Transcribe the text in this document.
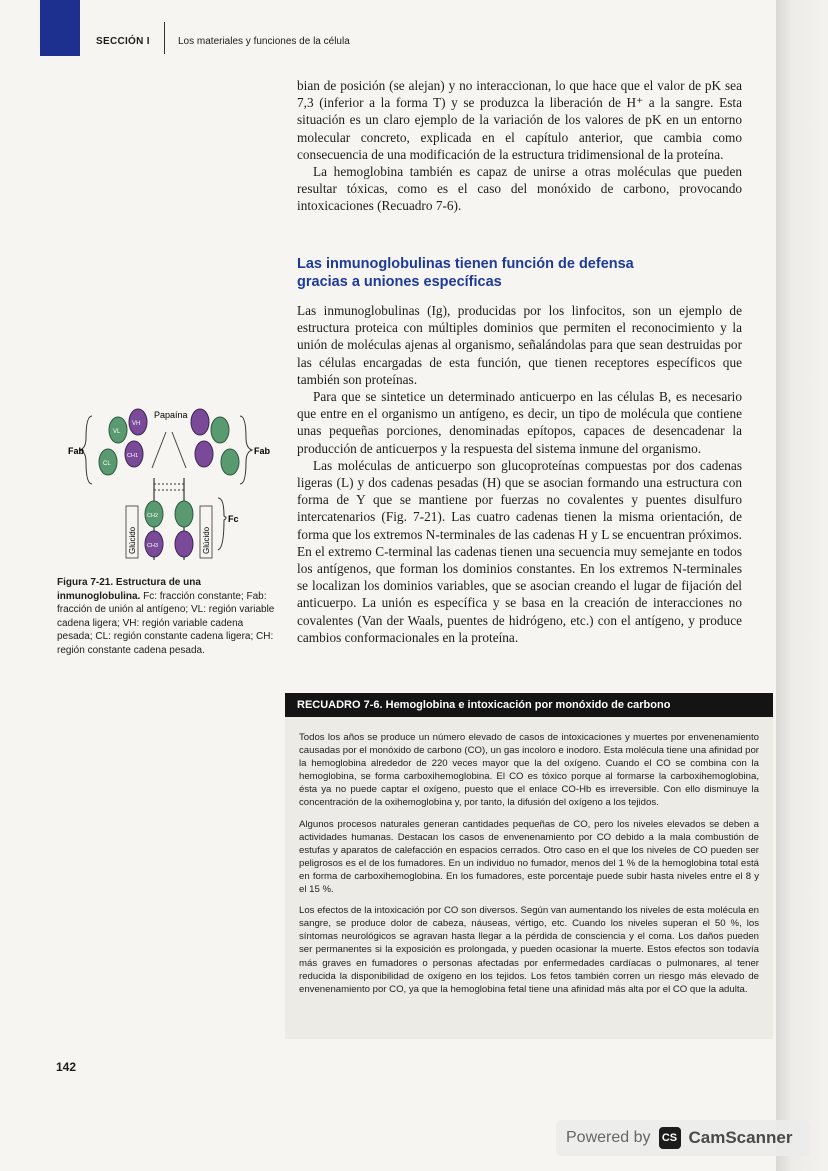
SECCIÓN I	Los materiales y funciones de la célula

bian de posición (se alejan) y no interaccionan, lo que hace que el valor de pK sea 7,3 (inferior a la forma T) y se produzca la liberación de H⁺ a la sangre. Esta situación es un claro ejemplo de la variación de los valores de pK en un entorno molecular concreto, explicada en el capítulo anterior, que cambia como consecuencia de una modificación de la estructura tridimensional de la proteína.

La hemoglobina también es capaz de unirse a otras moléculas que pueden resultar tóxicas, como es el caso del monóxido de carbono, provocando intoxicaciones (Recuadro 7-6).

Las inmunoglobulinas tienen función de defensa
gracias a uniones específicas

Las inmunoglobulinas (Ig), producidas por los linfocitos, son un ejemplo de estructura proteica con múltiples dominios que permiten el reconocimiento y la unión de moléculas ajenas al organismo, señalándolas para que sean destruidas por las células encargadas de esta función, que tienen receptores específicos que también son proteínas.

Para que se sintetice un determinado anticuerpo en las células B, es necesario que entre en el organismo un antígeno, es decir, un tipo de molécula que contiene unas pequeñas porciones, denominadas epítopos, capaces de desencadenar la producción de anticuerpos y la respuesta del sistema inmune del organismo.

Las moléculas de anticuerpo son glucoproteínas compuestas por dos cadenas ligeras (L) y dos cadenas pesadas (H) que se asocian formando una estructura con forma de Y que se mantiene por fuerzas no covalentes y puentes disulfuro intercatenarios (Fig. 7-21). Las cuatro cadenas tienen la misma orientación, de forma que los extremos N-terminales de las cadenas H y L se encuentran próximos. En el extremo C-terminal las cadenas tienen una secuencia muy semejante en todos los antígenos, que forman los dominios constantes. En los extremos N-terminales se localizan los dominios variables, que se asocian creando el lugar de fijación del anticuerpo. La unión es específica y se basa en la creación de interacciones no covalentes (Van der Waals, puentes de hidrógeno, etc.) con el antígeno, y produce cambios conformacionales en la proteína.

Fab	Fab
Papaína
Fc
VL
VH
CL
CH1
CH2
CH3
Glúcido	Glúcido
Figura 7-21. Estructura de una inmunoglobulina. Fc: fracción constante; Fab: fracción de unión al antígeno; VL: región variable cadena ligera; VH: región variable cadena pesada; CL: región constante cadena ligera; CH: región constante cadena pesada.
RECUADRO 7-6. Hemoglobina e intoxicación por monóxido de carbono

Todos los años se produce un número elevado de casos de intoxicaciones y muertes por envenenamiento causadas por el monóxido de carbono (CO), un gas incoloro e inodoro. Esta molécula tiene una afinidad por la hemoglobina alrededor de 220 veces mayor que la del oxígeno. Cuando el CO se combina con la hemoglobina, se forma carboxihemoglobina. El CO es tóxico porque al formarse la carboxihemoglobina, ésta ya no puede captar el oxígeno, puesto que el enlace CO-Hb es irreversible. Con ello disminuye la concentración de la oxihemoglobina y, por tanto, la difusión del oxígeno a los tejidos.

Algunos procesos naturales generan cantidades pequeñas de CO, pero los niveles elevados se deben a actividades humanas. Destacan los casos de envenenamiento por CO debido a la mala combustión de estufas y aparatos de calefacción en espacios cerrados. Otro caso en el que los niveles de CO pueden ser peligrosos es el de los fumadores. En un individuo no fumador, menos del 1 % de la hemoglobina total está en forma de carboxihemoglobina. En los fumadores, este porcentaje puede subir hasta niveles entre el 8 y el 15 %.

Los efectos de la intoxicación por CO son diversos. Según van aumentando los niveles de esta molécula en sangre, se produce dolor de cabeza, náuseas, vértigo, etc. Cuando los niveles superan el 50 %, los síntomas neurológicos se agravan hasta llegar a la pérdida de consciencia y el coma. Los daños pueden ser permanentes si la exposición es prolongada, y pueden ocasionar la muerte. Estos efectos son todavía más graves en fumadores o personas afectadas por enfermedades cardíacas o pulmonares, al tener reducida la disponibilidad de oxígeno en los tejidos. Los fetos también corren un riesgo más elevado de envenenamiento por CO, ya que la hemoglobina fetal tiene una afinidad más alta por el CO que la adulta.

142
Powered by	CS CamScanner
